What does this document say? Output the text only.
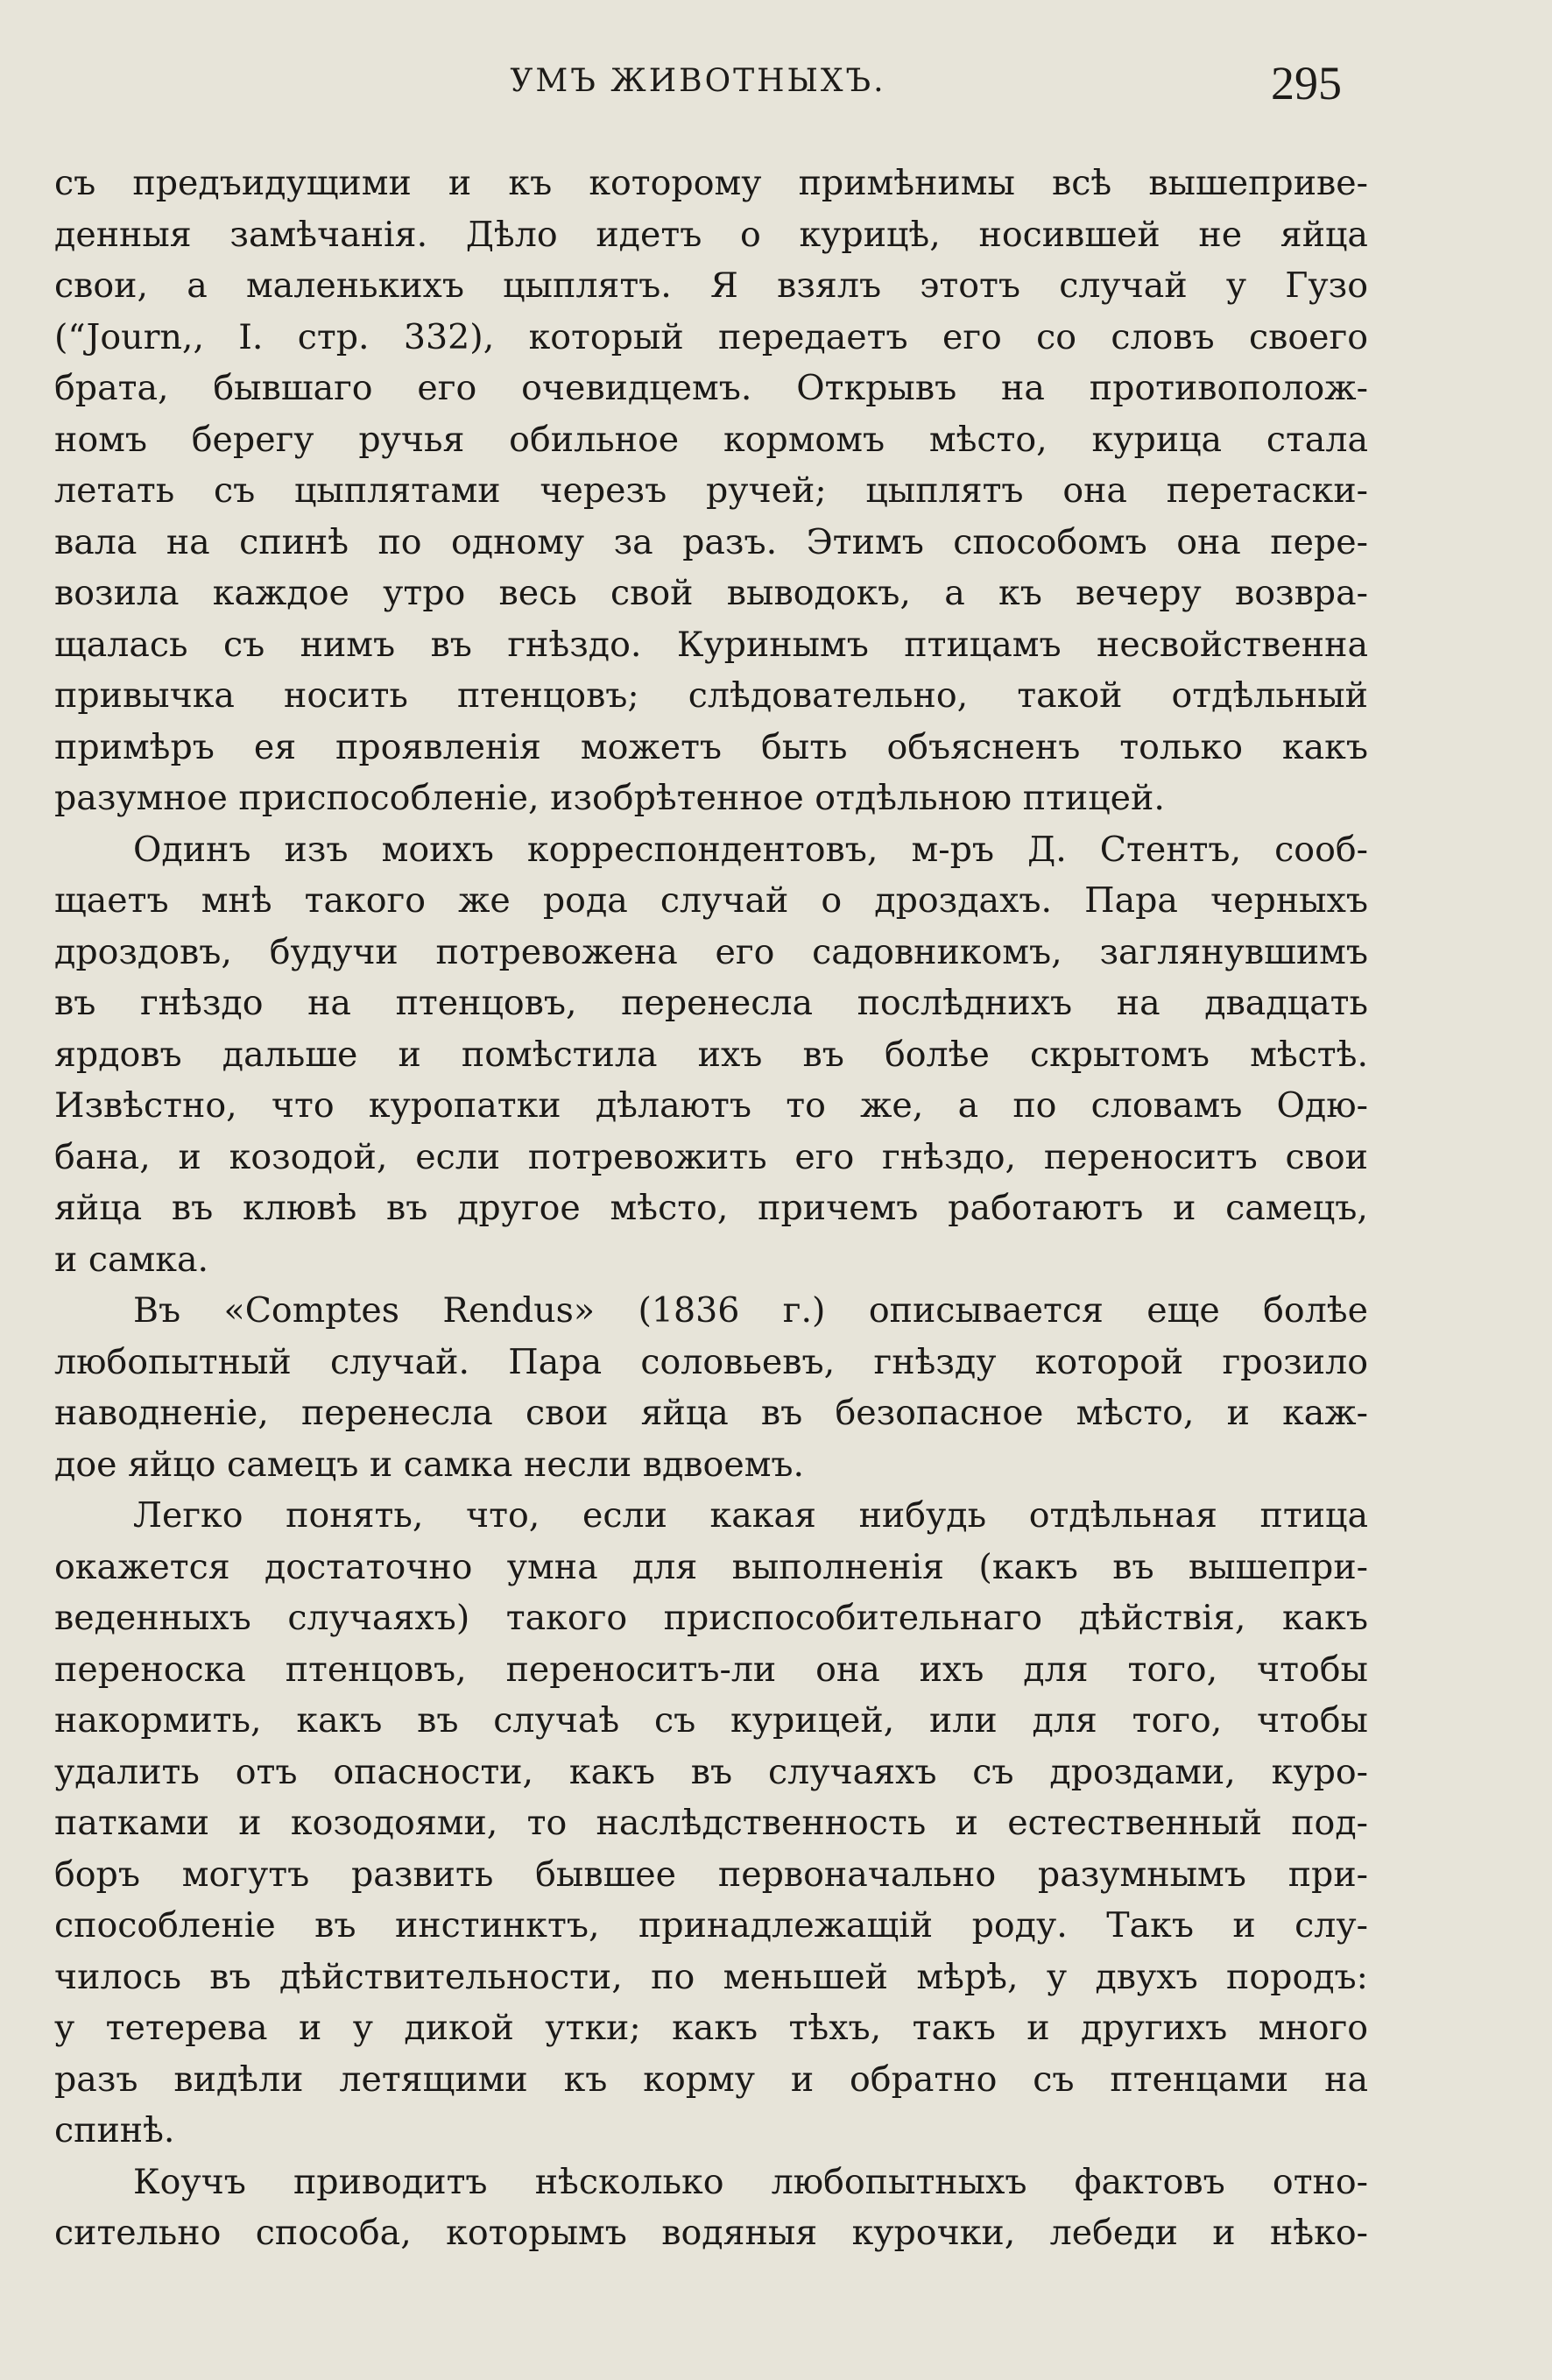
УМЪ ЖИВОТНЫХЪ.	295
съ предъидущими и къ которому примѣнимы всѣ вышеприве-
денныя замѣчанія. Дѣло идетъ о курицѣ, носившей не яйца
свои, а маленькихъ цыплятъ. Я взялъ этотъ случай у Гузо
(“Journ,, I. стр. 332), который передаетъ его со словъ своего
брата, бывшаго его очевидцемъ. Открывъ на противополож-
номъ берегу ручья обильное кормомъ мѣсто, курица стала
летать съ цыплятами черезъ ручей; цыплятъ она перетаски-
вала на спинѣ по одному за разъ. Этимъ способомъ она пере-
возила каждое утро весь свой выводокъ, а къ вечеру возвра-
щалась съ нимъ въ гнѣздо. Куринымъ птицамъ несвойственна
привычка носить птенцовъ; слѣдовательно, такой отдѣльный
примѣръ ея проявленія можетъ быть объясненъ только какъ
разумное приспособленіе, изобрѣтенное отдѣльною птицей.
Одинъ изъ моихъ корреспондентовъ, м-ръ Д. Стентъ, сооб-
щаетъ мнѣ такого же рода случай о дроздахъ. Пара черныхъ
дроздовъ, будучи потревожена его садовникомъ, заглянувшимъ
въ гнѣздо на птенцовъ, перенесла послѣднихъ на двадцать
ярдовъ дальше и помѣстила ихъ въ болѣе скрытомъ мѣстѣ.
Извѣстно, что куропатки дѣлаютъ то же, а по словамъ Одю-
бана, и козодой, если потревожить его гнѣздо, переноситъ свои
яйца въ клювѣ въ другое мѣсто, причемъ работаютъ и самецъ,
и самка.
Въ «Comptes Rendus» (1836 г.) описывается еще болѣе
любопытный случай. Пара соловьевъ, гнѣзду которой грозило
наводненіе, перенесла свои яйца въ безопасное мѣсто, и каж-
дое яйцо самецъ и самка несли вдвоемъ.
Легко понять, что, если какая нибудь отдѣльная птица
окажется достаточно умна для выполненія (какъ въ вышепри-
веденныхъ случаяхъ) такого приспособительнаго дѣйствія, какъ
переноска птенцовъ, переноситъ-ли она ихъ для того, чтобы
накормить, какъ въ случаѣ съ курицей, или для того, чтобы
удалить отъ опасности, какъ въ случаяхъ съ дроздами, куро-
патками и козодоями, то наслѣдственность и естественный под-
боръ могутъ развить бывшее первоначально разумнымъ при-
способленіе въ инстинктъ, принадлежащій роду. Такъ и слу-
чилось въ дѣйствительности, по меньшей мѣрѣ, у двухъ породъ:
у тетерева и у дикой утки; какъ тѣхъ, такъ и другихъ много
разъ видѣли летящими къ корму и обратно съ птенцами на
спинѣ.
Коучъ приводитъ нѣсколько любопытныхъ фактовъ отно-
сительно способа, которымъ водяныя курочки, лебеди и нѣко-
